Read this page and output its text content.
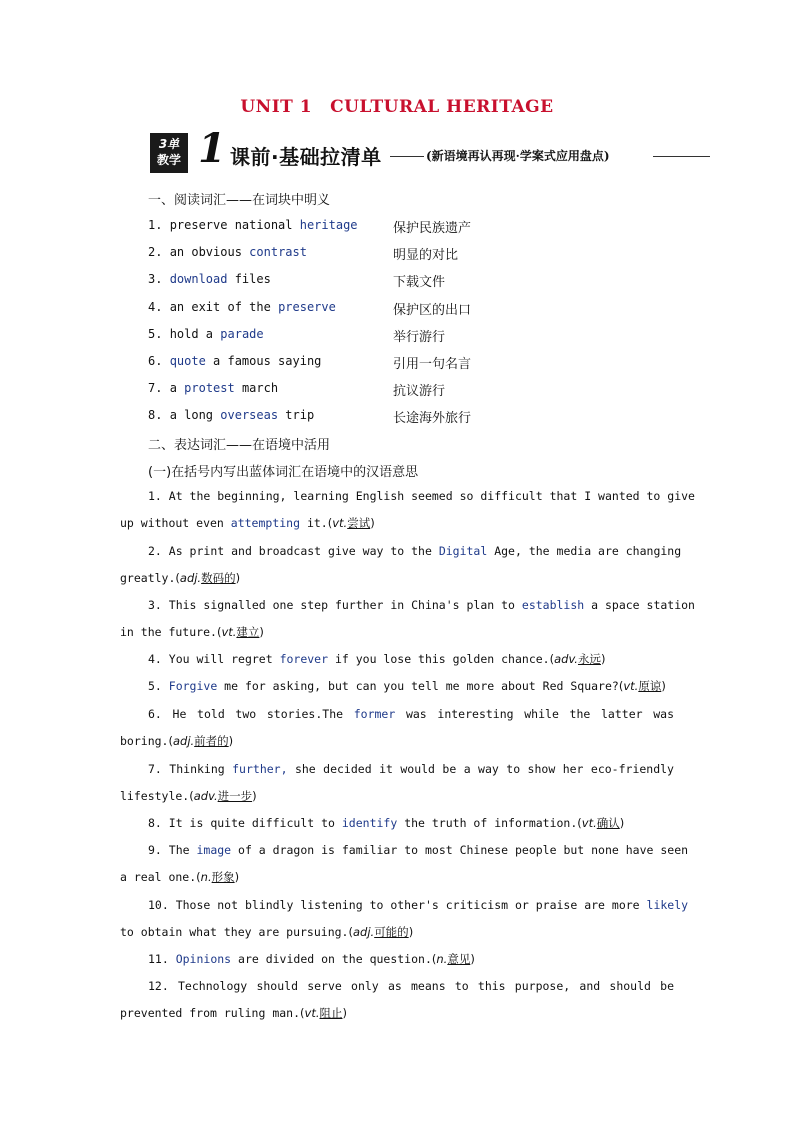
UNIT 1 CULTURAL HERITAGE
3单
教学 1 课前·基础拉清单	(新语境再认再现·学案式应用盘点)
一、阅读词汇——在词块中明义
1. preserve national heritage	保护民族遗产
2. an obvious contrast	明显的对比
3. download files	下载文件
4. an exit of the preserve	保护区的出口
5. hold a parade	举行游行
6. quote a famous saying	引用一句名言
7. a protest march	抗议游行
8. a long overseas trip	长途海外旅行
二、表达词汇——在语境中活用
(一)在括号内写出蓝体词汇在语境中的汉语意思
1. At the beginning, learning English seemed so difficult that I wanted to give
up without even attempting it.(vt.尝试)
2. As print and broadcast give way to the Digital Age, the media are changing
greatly.(adj.数码的)
3. This signalled one step further in China's plan to establish a space station
in the future.(vt.建立)
4. You will regret forever if you lose this golden chance.(adv.永远)
5. Forgive me for asking, but can you tell me more about Red Square?(vt.原谅)
6. He told two stories.The former was interesting while the latter was
boring.(adj.前者的)
7. Thinking further, she decided it would be a way to show her eco-friendly
lifestyle.(adv.进一步)
8. It is quite difficult to identify the truth of information.(vt.确认)
9. The image of a dragon is familiar to most Chinese people but none have seen
a real one.(n.形象)
10. Those not blindly listening to other's criticism or praise are more likely
to obtain what they are pursuing.(adj.可能的)
11. Opinions are divided on the question.(n.意见)
12. Technology should serve only as means to this purpose, and should be
prevented from ruling man.(vt.阻止)
